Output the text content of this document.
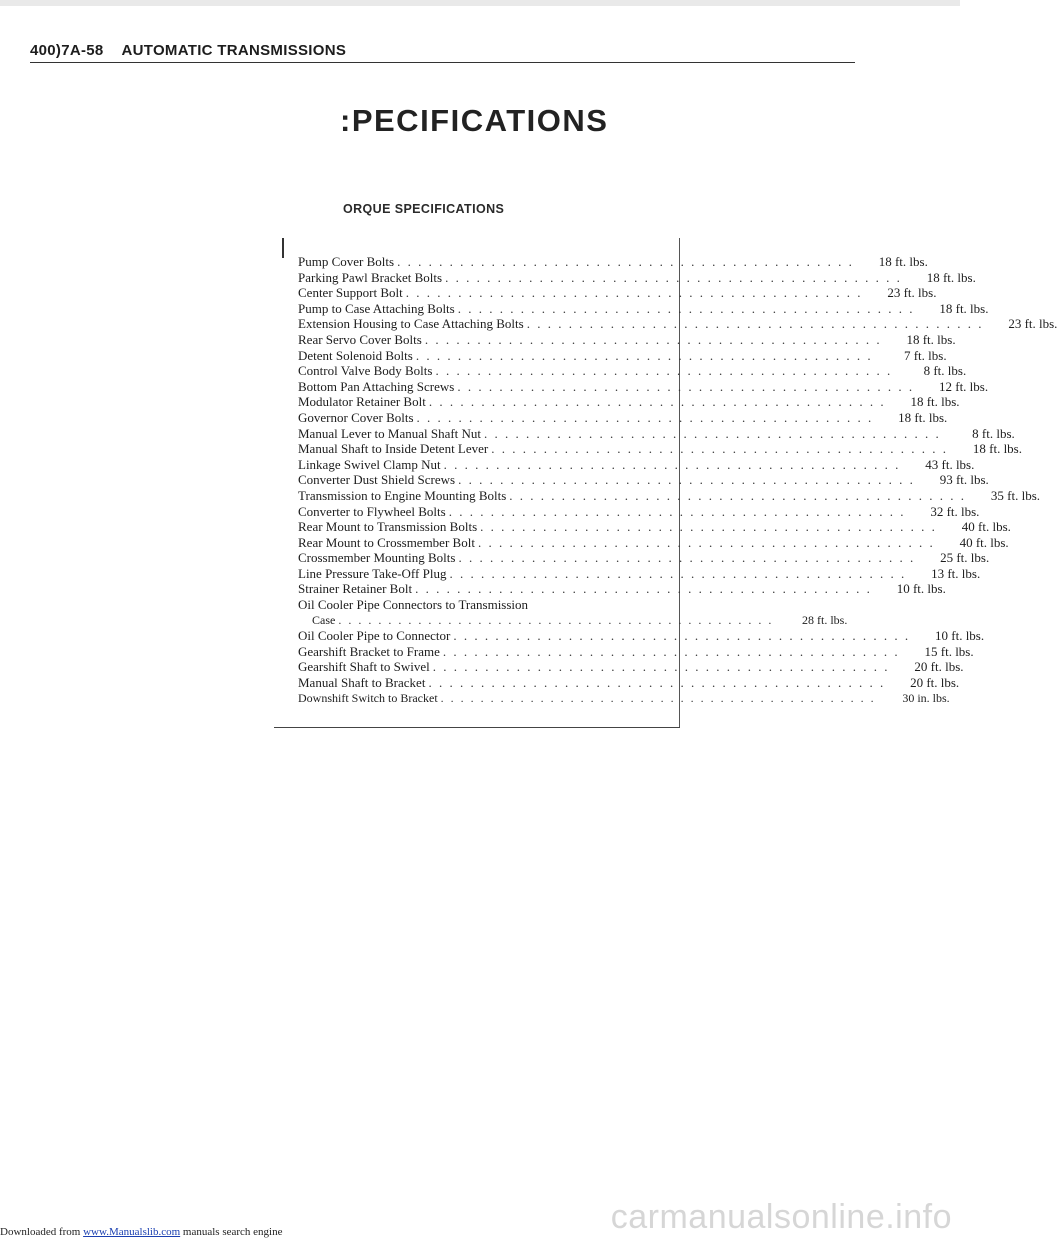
400)7A-58 AUTOMATIC TRANSMISSIONS
:PECIFICATIONS
ORQUE SPECIFICATIONS
Pump Cover Bolts . . . . . . . . . . . . . . . . . . . . . . . . . . . . . . . . . . . . . . . . . . . .	18 ft. lbs.
Parking Pawl Bracket Bolts . . . . . . . . . . . . . . . . . . . . . . . . . . . . . . . . . . . . . . . . . . . .	18 ft. lbs.
Center Support Bolt . . . . . . . . . . . . . . . . . . . . . . . . . . . . . . . . . . . . . . . . . . . .	23 ft. lbs.
Pump to Case Attaching Bolts . . . . . . . . . . . . . . . . . . . . . . . . . . . . . . . . . . . . . . . . . . . .	18 ft. lbs.
Extension Housing to Case Attaching Bolts . . . . . . . . . . . . . . . . . . . . . . . . . . . . . . . . . . . . . . . . . . . .	23 ft. lbs.
Rear Servo Cover Bolts . . . . . . . . . . . . . . . . . . . . . . . . . . . . . . . . . . . . . . . . . . . .	18 ft. lbs.
Detent Solenoid Bolts . . . . . . . . . . . . . . . . . . . . . . . . . . . . . . . . . . . . . . . . . . . .	7 ft. lbs.
Control Valve Body Bolts . . . . . . . . . . . . . . . . . . . . . . . . . . . . . . . . . . . . . . . . . . . .	8 ft. lbs.
Bottom Pan Attaching Screws . . . . . . . . . . . . . . . . . . . . . . . . . . . . . . . . . . . . . . . . . . . .	12 ft. lbs.
Modulator Retainer Bolt . . . . . . . . . . . . . . . . . . . . . . . . . . . . . . . . . . . . . . . . . . . .	18 ft. lbs.
Governor Cover Bolts . . . . . . . . . . . . . . . . . . . . . . . . . . . . . . . . . . . . . . . . . . . .	18 ft. lbs.
Manual Lever to Manual Shaft Nut . . . . . . . . . . . . . . . . . . . . . . . . . . . . . . . . . . . . . . . . . . . .	8 ft. lbs.
Manual Shaft to Inside Detent Lever . . . . . . . . . . . . . . . . . . . . . . . . . . . . . . . . . . . . . . . . . . . .	18 ft. lbs.
Linkage Swivel Clamp Nut . . . . . . . . . . . . . . . . . . . . . . . . . . . . . . . . . . . . . . . . . . . .	43 ft. lbs.
Converter Dust Shield Screws . . . . . . . . . . . . . . . . . . . . . . . . . . . . . . . . . . . . . . . . . . . .	93 ft. lbs.
Transmission to Engine Mounting Bolts . . . . . . . . . . . . . . . . . . . . . . . . . . . . . . . . . . . . . . . . . . . .	35 ft. lbs.
Converter to Flywheel Bolts . . . . . . . . . . . . . . . . . . . . . . . . . . . . . . . . . . . . . . . . . . . .	32 ft. lbs.
Rear Mount to Transmission Bolts . . . . . . . . . . . . . . . . . . . . . . . . . . . . . . . . . . . . . . . . . . . .	40 ft. lbs.
Rear Mount to Crossmember Bolt . . . . . . . . . . . . . . . . . . . . . . . . . . . . . . . . . . . . . . . . . . . .	40 ft. lbs.
Crossmember Mounting Bolts . . . . . . . . . . . . . . . . . . . . . . . . . . . . . . . . . . . . . . . . . . . .	25 ft. lbs.
Line Pressure Take-Off Plug . . . . . . . . . . . . . . . . . . . . . . . . . . . . . . . . . . . . . . . . . . . .	13 ft. lbs.
Strainer Retainer Bolt . . . . . . . . . . . . . . . . . . . . . . . . . . . . . . . . . . . . . . . . . . . .	10 ft. lbs.
Oil Cooler Pipe Connectors to Transmission
Case . . . . . . . . . . . . . . . . . . . . . . . . . . . . . . . . . . . . . . . . . . . .	28 ft. lbs.
Oil Cooler Pipe to Connector . . . . . . . . . . . . . . . . . . . . . . . . . . . . . . . . . . . . . . . . . . . .	10 ft. lbs.
Gearshift Bracket to Frame . . . . . . . . . . . . . . . . . . . . . . . . . . . . . . . . . . . . . . . . . . . .	15 ft. lbs.
Gearshift Shaft to Swivel . . . . . . . . . . . . . . . . . . . . . . . . . . . . . . . . . . . . . . . . . . . .	20 ft. lbs.
Manual Shaft to Bracket . . . . . . . . . . . . . . . . . . . . . . . . . . . . . . . . . . . . . . . . . . . .	20 ft. lbs.
Downshift Switch to Bracket . . . . . . . . . . . . . . . . . . . . . . . . . . . . . . . . . . . . . . . . . . . .	30 in. lbs.
Downloaded from www.Manualslib.com manuals search engine	carmanualsonline.info
